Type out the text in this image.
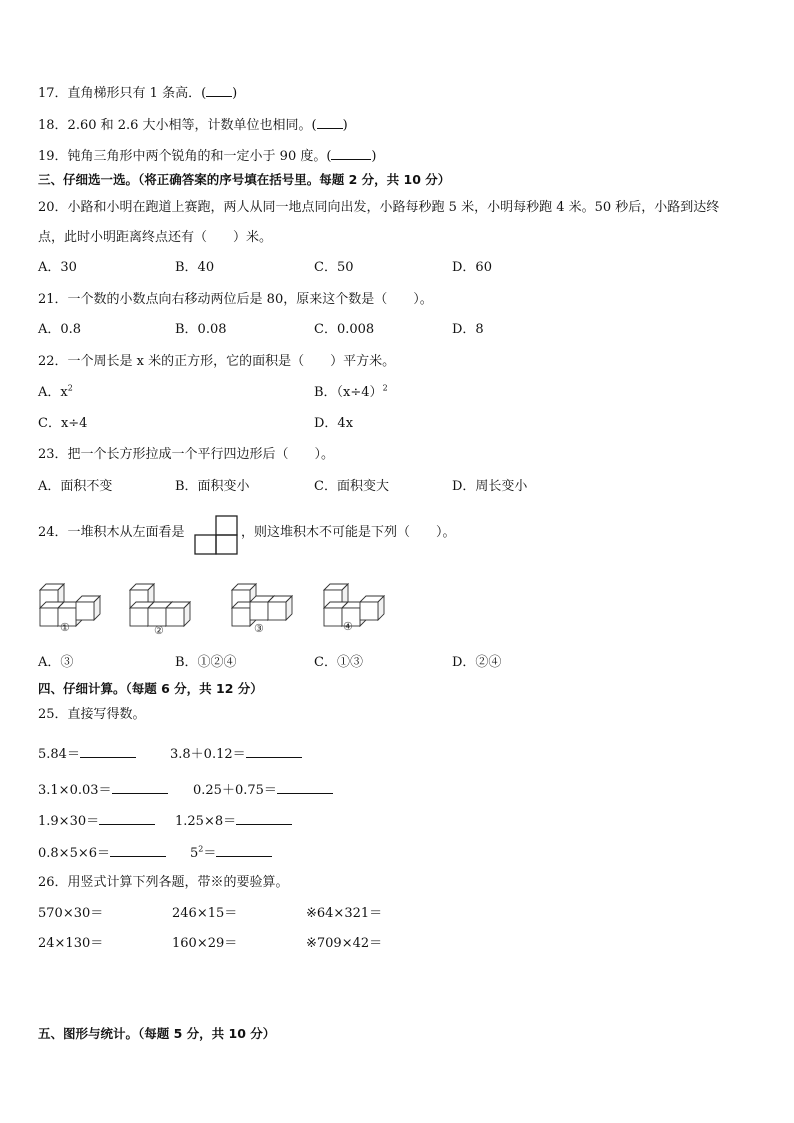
17．直角梯形只有 1 条高．( )
18．2.60 和 2.6 大小相等，计数单位也相同。( )
19．钝角三角形中两个锐角的和一定小于 90 度。(	)
三、仔细选一选。（将正确答案的序号填在括号里。每题 2 分，共 10 分）
20．小路和小明在跑道上赛跑，两人从同一地点同向出发，小路每秒跑 5 米，小明每秒跑 4 米。50 秒后，小路到达终
点，此时小明距离终点还有（　　）米。
A．30	B．40	C．50	D．60
21．一个数的小数点向右移动两位后是 80，原来这个数是（　　）。
A．0.8	B．0.08	C．0.008	D．8
22．一个周长是 x 米的正方形，它的面积是（　　）平方米。
A．$x^2$	B．$(x\div 4)^2$
C．x÷4	D．4x
23．把一个长方形拉成一个平行四边形后（　　）。
A．面积不变	B．面积变小	C．面积变大	D．周长变小
24．一堆积木从左面看是	，则这堆积木不可能是下列（　　）。
①	②	③	④
A．③	B．①②④	C．①③	D．②④
四、仔细计算。（每题 6 分，共 12 分）
25．直接写得数。
5.84＝	3.8＋0.12＝
3.1×0.03＝	0.25＋0.75＝
1.9×30＝	1.25×8＝
0.8×5×6＝	$5^2=$
26．用竖式计算下列各题，带※的要验算。
570×30＝	246×15＝	※64×321＝
24×130＝	160×29＝	※709×42＝
五、图形与统计。（每题 5 分，共 10 分）
